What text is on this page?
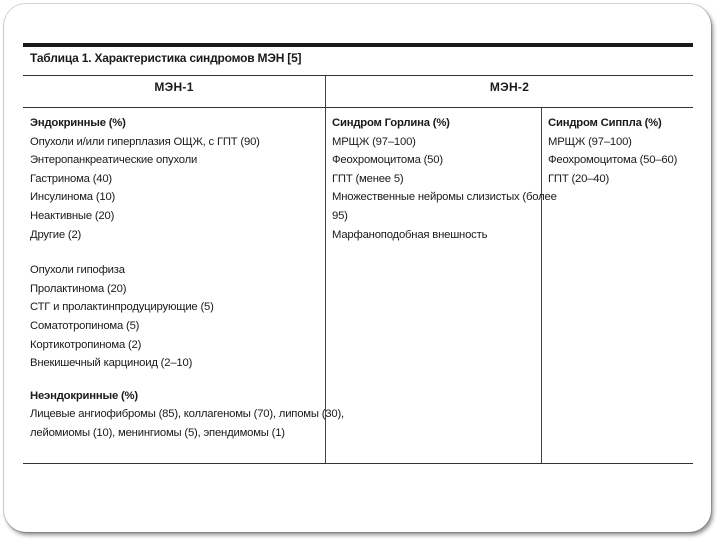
Таблица 1. Характеристика синдромов МЭН [5]
МЭН-1	МЭН-2
Эндокринные (%)
Опухоли и/или гиперплазия ОЩЖ, с ГПТ (90)
Энтеропанкреатические опухоли
Гастринома (40)
Инсулинома (10)
Неактивные (20)
Другие (2)
Опухоли гипофиза
Пролактинома (20)
СТГ и пролактинпродуцирующие (5)
Соматотропинома (5)
Кортикотропинома (2)
Внекишечный карциноид (2–10)
Неэндокринные (%)
Лицевые ангиофибромы (85), коллагеномы (70), липомы (30),
лейомиомы (10), менингиомы (5), эпендимомы (1)
Синдром Горлина (%)
МРЩЖ (97–100)
Феохромоцитома (50)
ГПТ (менее 5)
Множественные нейромы слизистых (более
95)
Марфаноподобная внешность
Синдром Сиппла (%)
МРЩЖ (97–100)
Феохромоцитома (50–60)
ГПТ (20–40)
